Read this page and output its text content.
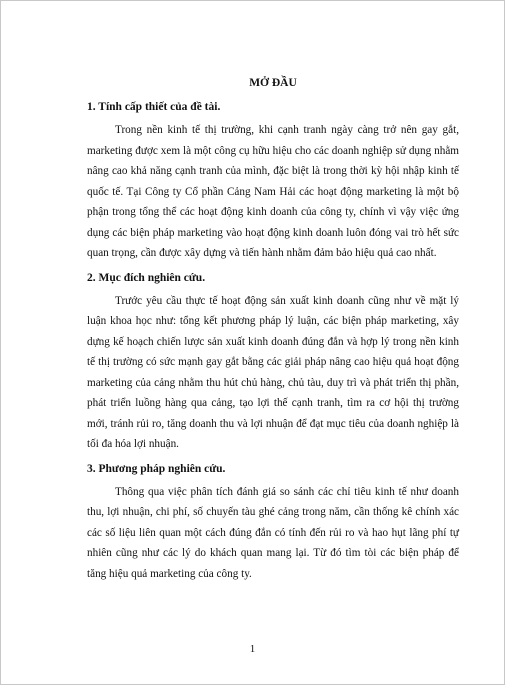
MỞ ĐẦU
1. Tính cấp thiết của đề tài.

Trong nền kinh tế thị trường, khi cạnh tranh ngày càng trở nên gay gắt, marketing được xem là một công cụ hữu hiệu cho các doanh nghiệp sử dụng nhằm nâng cao khả năng cạnh tranh của mình, đặc biệt là trong thời kỳ hội nhập kinh tế quốc tế. Tại Công ty Cổ phần Cảng Nam Hải các hoạt động marketing là một bộ phận trong tổng thể các hoạt động kinh doanh của công ty, chính vì vậy việc ứng dụng các biện pháp marketing vào hoạt động kinh doanh luôn đóng vai trò hết sức quan trọng, cần được xây dựng và tiến hành nhằm đảm bảo hiệu quả cao nhất.

2. Mục đích nghiên cứu.

Trước yêu cầu thực tế hoạt động sản xuất kinh doanh cũng như về mặt lý luận khoa học như: tổng kết phương pháp lý luận, các biện pháp marketing, xây dựng kế hoạch chiến lược sản xuất kinh doanh đúng đắn và hợp lý trong nền kinh tế thị trường có sức mạnh gay gắt bằng các giải pháp nâng cao hiệu quả hoạt động marketing của cảng nhằm thu hút chủ hàng, chủ tàu, duy trì và phát triển thị phần, phát triển luồng hàng qua cảng, tạo lợi thế cạnh tranh, tìm ra cơ hội thị trường mới, tránh rủi ro, tăng doanh thu và lợi nhuận để đạt mục tiêu của doanh nghiệp là tối đa hóa lợi nhuận.

3. Phương pháp nghiên cứu.

Thông qua việc phân tích đánh giá so sánh các chỉ tiêu kinh tế như doanh thu, lợi nhuận, chi phí, số chuyến tàu ghé cảng trong năm, cần thống kê chính xác các số liệu liên quan một cách đúng đắn có tính đến rủi ro và hao hụt lãng phí tự nhiên cũng như các lý do khách quan mang lại. Từ đó tìm tòi các biện pháp để tăng hiệu quả marketing của công ty.

1
